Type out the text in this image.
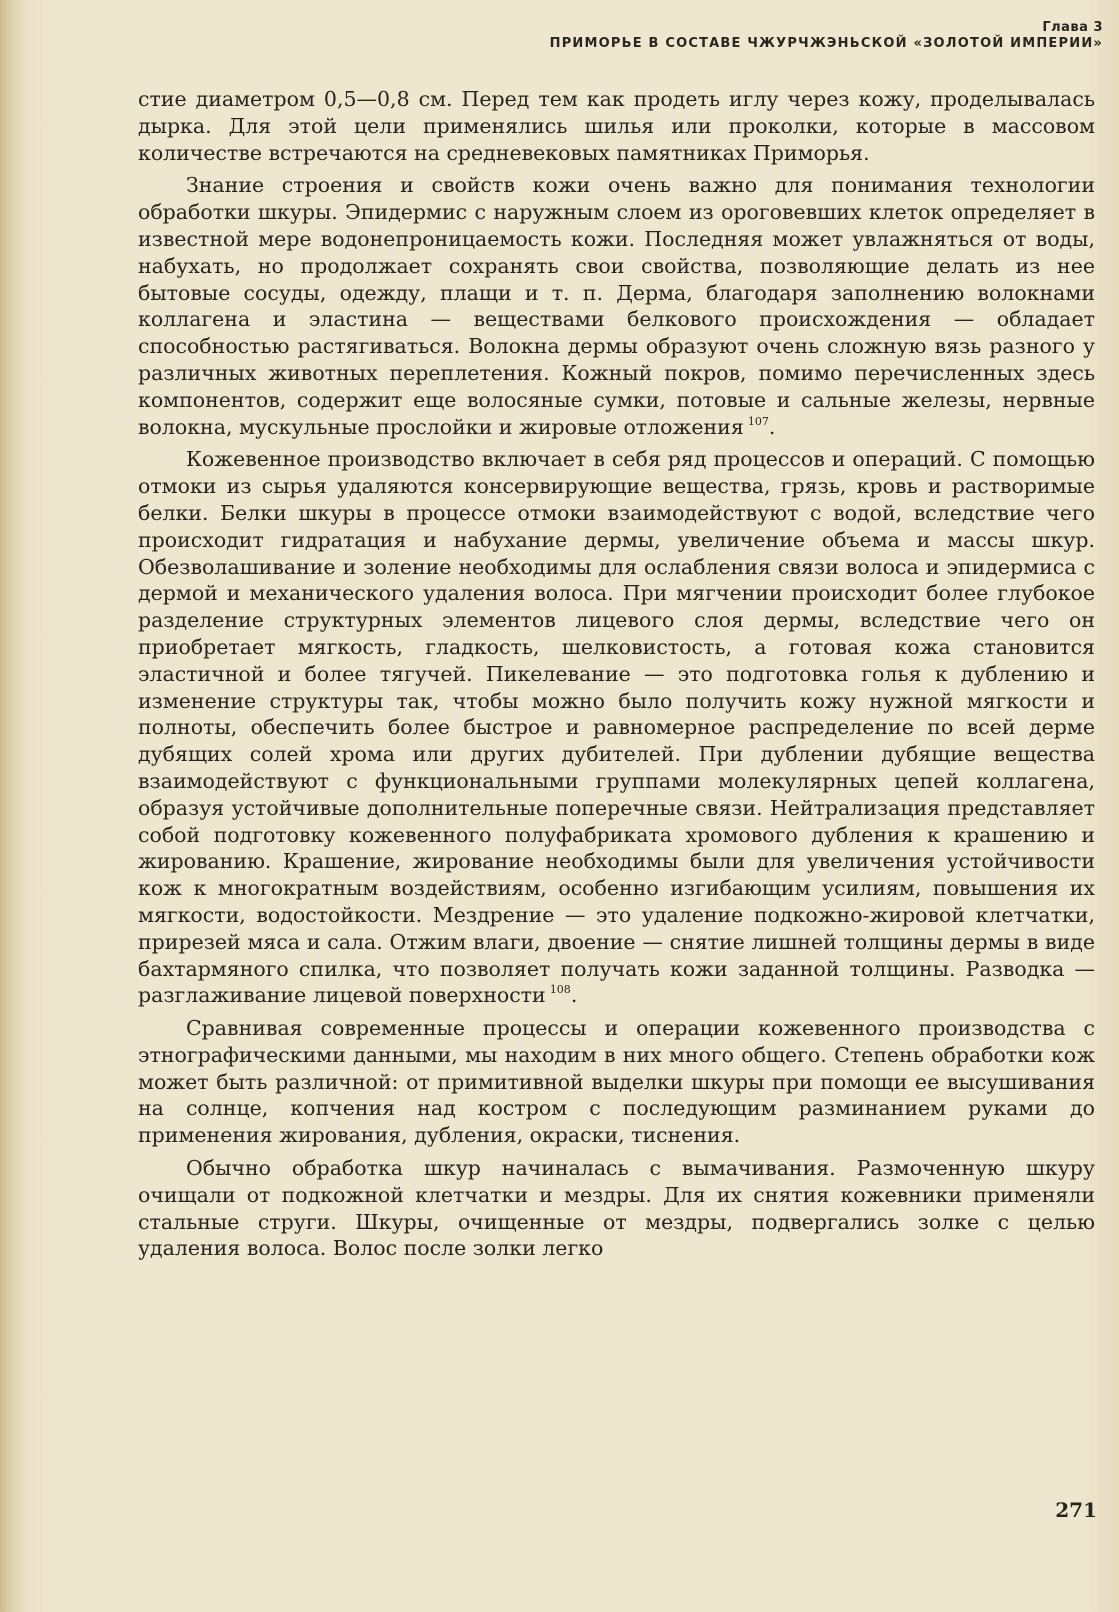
Глава 3
ПРИМОРЬЕ В СОСТАВЕ ЧЖУРЧЖЭНЬСКОЙ «ЗОЛОТОЙ ИМПЕРИИ»

стие диаметром 0,5—0,8 см. Перед тем как продеть иглу через кожу, проделывалась дырка. Для этой цели применялись шилья или проколки, которые в массовом количестве встречаются на средневековых памятниках Приморья.

Знание строения и свойств кожи очень важно для понимания технологии обработки шкуры. Эпидермис с наружным слоем из ороговевших клеток определяет в известной мере водонепроницаемость кожи. Последняя может увлажняться от воды, набухать, но продолжает сохранять свои свойства, позволяющие делать из нее бытовые сосуды, одежду, плащи и т. п. Дерма, благодаря заполнению волокнами коллагена и эластина — веществами белкового происхождения — обладает способностью растягиваться. Волокна дермы образуют очень сложную вязь разного у различных животных переплетения. Кожный покров, помимо перечисленных здесь компонентов, содержит еще волосяные сумки, потовые и сальные железы, нервные волокна, мускульные прослойки и жировые отложения  $^{107}$.

Кожевенное производство включает в себя ряд процессов и операций. С помощью отмоки из сырья удаляются консервирующие вещества, грязь, кровь и растворимые белки. Белки шкуры в процессе отмоки взаимодействуют с водой, вследствие чего происходит гидратация и набухание дермы, увеличение объема и массы шкур. Обезволашивание и золение необходимы для ослабления связи волоса и эпидермиса с дермой и механического удаления волоса. При мягчении происходит более глубокое разделение структурных элементов лицевого слоя дермы, вследствие чего он приобретает мягкость, гладкость, шелковистость, а готовая кожа становится эластичной и более тягучей. Пикелевание — это подготовка голья к дублению и изменение структуры так, чтобы можно было получить кожу нужной мягкости и полноты, обеспечить более быстрое и равномерное распределение по всей дерме дубящих солей хрома или других дубителей. При дублении дубящие вещества взаимодействуют с функциональными группами молекулярных цепей коллагена, образуя устойчивые дополнительные поперечные связи. Нейтрализация представляет собой подготовку кожевенного полуфабриката хромового дубления к крашению и жированию. Крашение, жирование необходимы были для увеличения устойчивости кож к многократным воздействиям, особенно изгибающим усилиям, повышения их мягкости, водостойкости. Мездрение — это удаление подкожно-жировой клетчатки, прирезей мяса и сала. Отжим влаги, двоение — снятие лишней толщины дермы в виде бахтармяного спилка, что позволяет получать кожи заданной толщины. Разводка — разглаживание лицевой поверхности  $^{108}$.

Сравнивая современные процессы и операции кожевенного производства с этнографическими данными, мы находим в них много общего. Степень обработки кож может быть различной: от примитивной выделки шкуры при помощи ее высушивания на солнце, копчения над костром с последующим разминанием руками до применения жирования, дубления, окраски, тиснения.

Обычно обработка шкур начиналась с вымачивания. Размоченную шкуру очищали от подкожной клетчатки и мездры. Для их снятия кожевники применяли стальные струги. Шкуры, очищенные от мездры, подвергались золке с целью удаления волоса. Волос после золки легко

271
